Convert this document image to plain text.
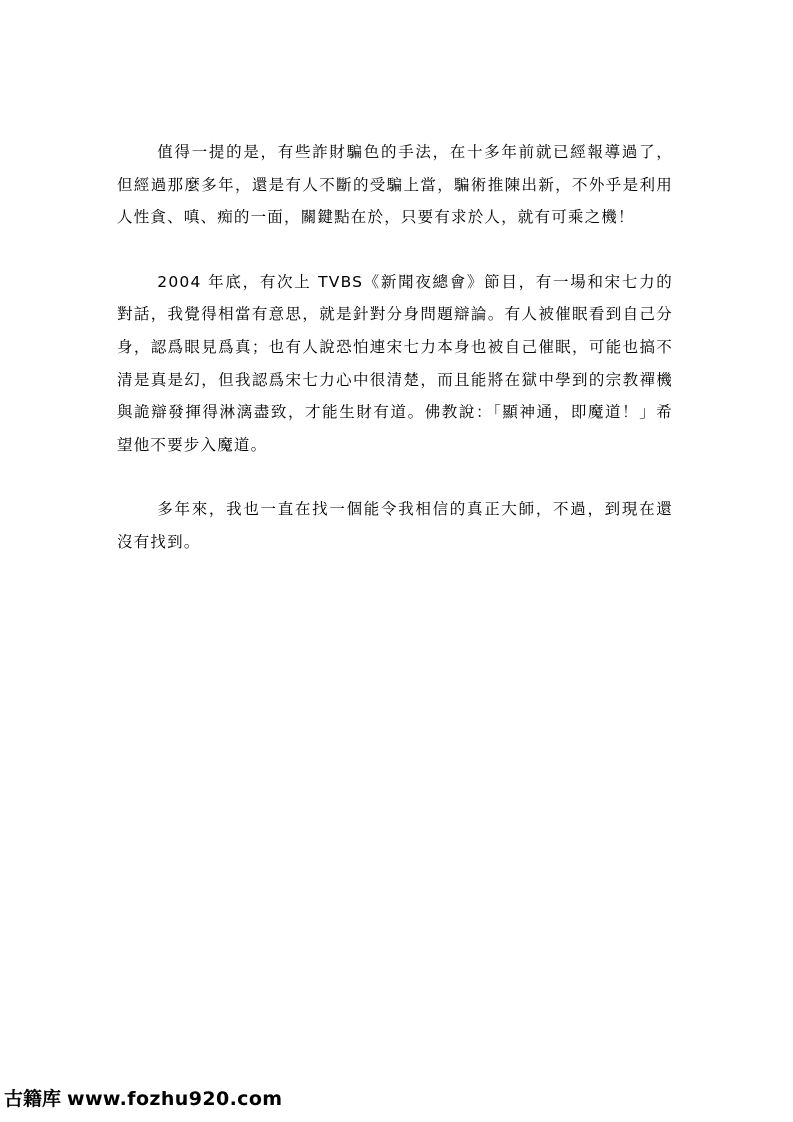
值得一提的是，有些詐財騙色的手法，在十多年前就已經報導過了，但經過那麼多年，還是有人不斷的受騙上當，騙術推陳出新，不外乎是利用人性貪、嗔、痴的一面，關鍵點在於，只要有求於人，就有可乘之機！

2004 年底，有次上 TVBS《新聞夜總會》節目，有一場和宋七力的對話，我覺得相當有意思，就是針對分身問題辯論。有人被催眠看到自己分身，認爲眼見爲真；也有人說恐怕連宋七力本身也被自己催眠，可能也搞不清是真是幻，但我認爲宋七力心中很清楚，而且能將在獄中學到的宗教禪機與詭辯發揮得淋漓盡致，才能生財有道。佛教說：「顯神通，即魔道！」希望他不要步入魔道。

多年來，我也一直在找一個能令我相信的真正大師，不過，到現在還沒有找到。

古籍库 www.fozhu920.com
